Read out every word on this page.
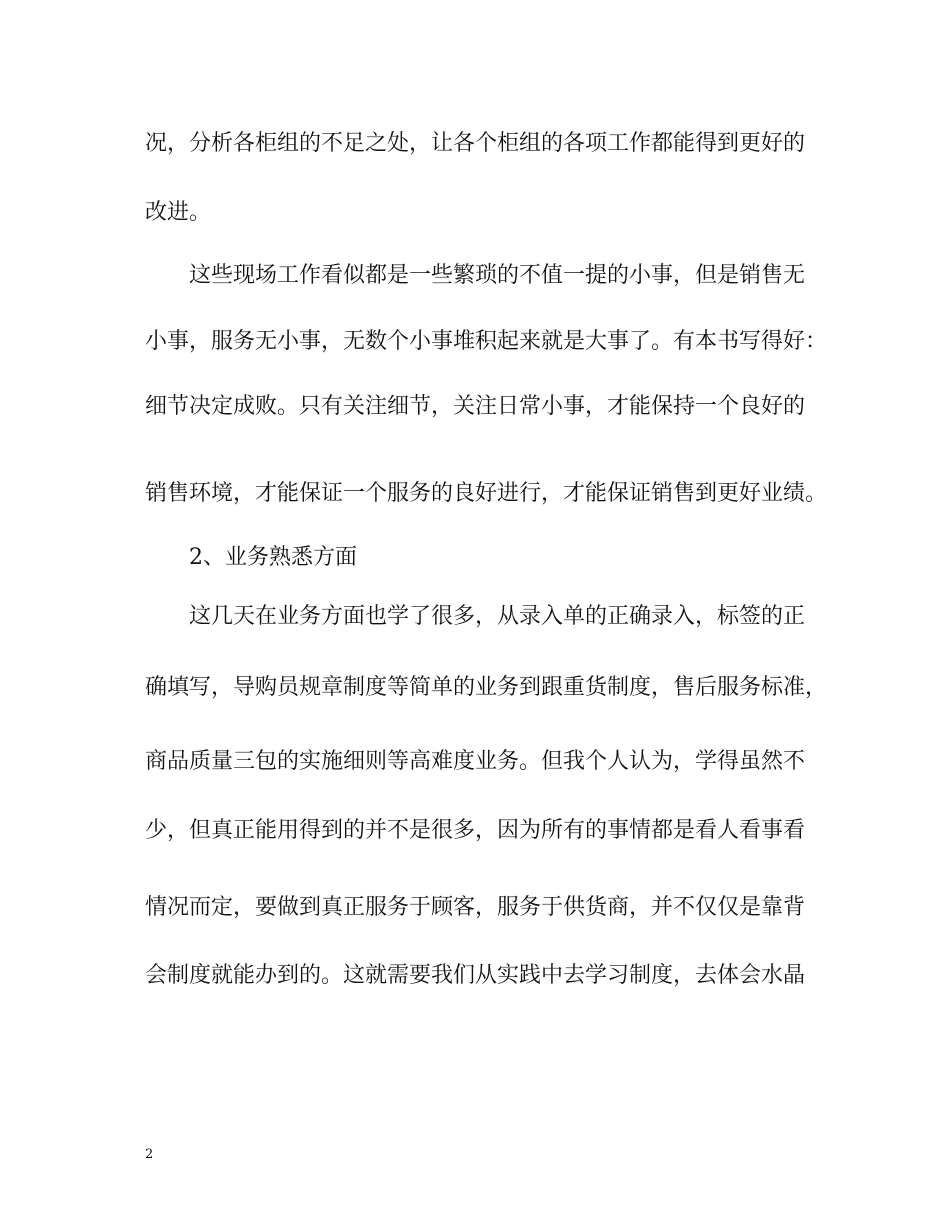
况，分析各柜组的不足之处，让各个柜组的各项工作都能得到更好的
改进。
这些现场工作看似都是一些繁琐的不值一提的小事，但是销售无
小事，服务无小事，无数个小事堆积起来就是大事了。有本书写得好：
细节决定成败。只有关注细节，关注日常小事，才能保持一个良好的
销售环境，才能保证一个服务的良好进行，才能保证销售到更好业绩。
2、业务熟悉方面
这几天在业务方面也学了很多，从录入单的正确录入，标签的正
确填写，导购员规章制度等简单的业务到跟重货制度，售后服务标准，
商品质量三包的实施细则等高难度业务。但我个人认为，学得虽然不
少，但真正能用得到的并不是很多，因为所有的事情都是看人看事看
情况而定，要做到真正服务于顾客，服务于供货商，并不仅仅是靠背
会制度就能办到的。这就需要我们从实践中去学习制度，去体会水晶
2
